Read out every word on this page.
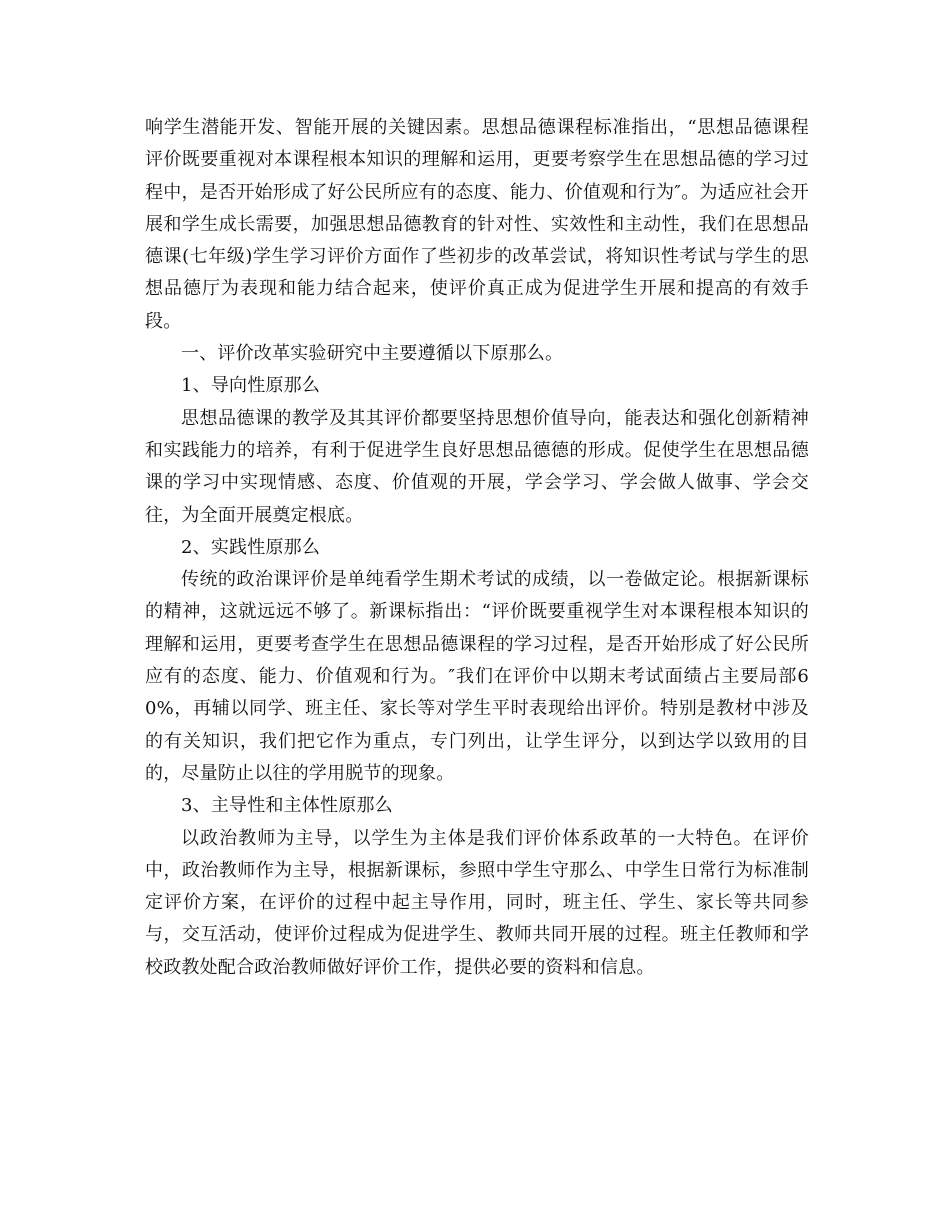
响学生潜能开发、智能开展的关键因素。思想品德课程标准指出，“思想品德课程评价既要重视对本课程根本知识的理解和运用，更要考察学生在思想品德的学习过程中，是否开始形成了好公民所应有的态度、能力、价值观和行为″。为适应社会开展和学生成长需要，加强思想品德教育的针对性、实效性和主动性，我们在思想品德课(七年级)学生学习评价方面作了些初步的改革尝试，将知识性考试与学生的思想品德厅为表现和能力结合起来，使评价真正成为促进学生开展和提高的有效手段。

一、评价改革实验研究中主要遵循以下原那么。

1、导向性原那么

思想品德课的教学及其其评价都要坚持思想价值导向，能表达和强化创新精神和实践能力的培养，有利于促进学生良好思想品德德的形成。促使学生在思想品德课的学习中实现情感、态度、价值观的开展，学会学习、学会做人做事、学会交往，为全面开展奠定根底。

2、实践性原那么

传统的政治课评价是单纯看学生期术考试的成绩，以一卷做定论。根据新课标的精神，这就远远不够了。新课标指出：“评价既要重视学生对本课程根本知识的理解和运用，更要考查学生在思想品德课程的学习过程，是否开始形成了好公民所应有的态度、能力、价值观和行为。″我们在评价中以期末考试面绩占主要局部60%，再辅以同学、班主任、家长等对学生平时表现给出评价。特别是教材中涉及的有关知识，我们把它作为重点，专门列出，让学生评分，以到达学以致用的目的，尽量防止以往的学用脱节的现象。

3、主导性和主体性原那么

以政治教师为主导，以学生为主体是我们评价体系政革的一大特色。在评价中，政治教师作为主导，根据新课标，参照中学生守那么、中学生日常行为标准制定评价方案，在评价的过程中起主导作用，同时，班主任、学生、家长等共同参与，交互活动，使评价过程成为促进学生、教师共同开展的过程。班主任教师和学校政教处配合政治教师做好评价工作，提供必要的资料和信息。
